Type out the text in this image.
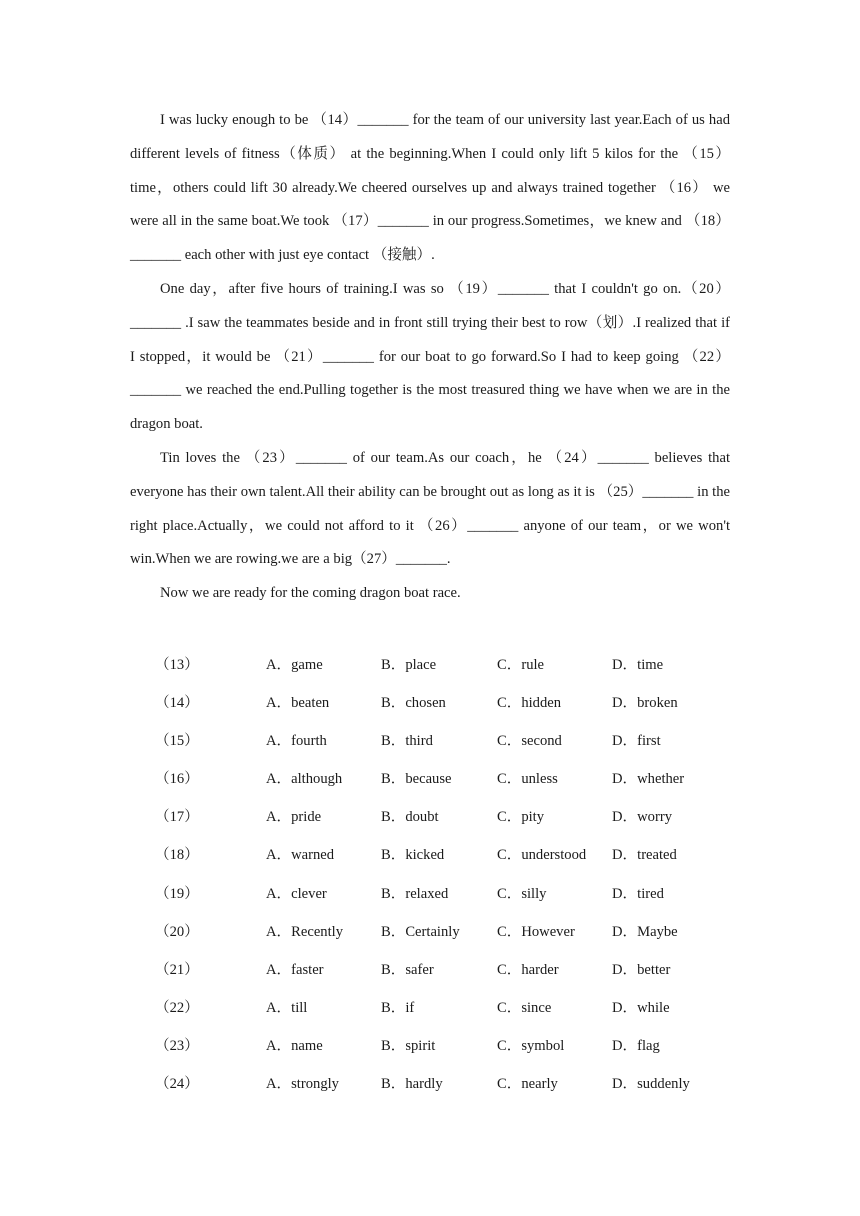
I was lucky enough to be （14）_______ for the team of our university last year.Each of us had different levels of fitness（体质） at the beginning.When I could only lift 5 kilos for the （15） time，others could lift 30 already.We cheered ourselves up and always trained together （16） we were all in the same boat.We took （17）_______ in our progress.Sometimes，we knew and （18）_______ each other with just eye contact （接触）.

One day，after five hours of training.I was so （19）_______ that I couldn't go on.（20）_______ .I saw the teammates beside and in front still trying their best to row（划）.I realized that if I stopped，it would be （21）_______ for our boat to go forward.So I had to keep going （22）_______ we reached the end.Pulling together is the most treasured thing we have when we are in the dragon boat.

Tin loves the （23）_______ of our team.As our coach，he （24）_______ believes that everyone has their own talent.All their ability can be brought out as long as it is （25）_______ in the right place.Actually，we could not afford to it （26）_______ anyone of our team，or we won't win.When we are rowing.we are a big（27）_______.

Now we are ready for the coming dragon boat race.

（13）	A．game	B．place	C．rule	D．time
（14）	A．beaten	B．chosen	C．hidden	D．broken
（15）	A．fourth	B．third	C．second	D．first
（16）	A．although	B．because	C．unless	D．whether
（17）	A．pride	B．doubt	C．pity	D．worry
（18）	A．warned	B．kicked	C．understood D．treated
（19）	A．clever	B．relaxed	C．silly	D．tired
（20）	A．Recently	B．Certainly	C．However	D．Maybe
（21）	A．faster	B．safer	C．harder	D．better
（22）	A．till	B．if	C．since	D．while
（23）	A．name	B．spirit	C．symbol	D．flag
（24）	A．strongly	B．hardly	C．nearly	D．suddenly
